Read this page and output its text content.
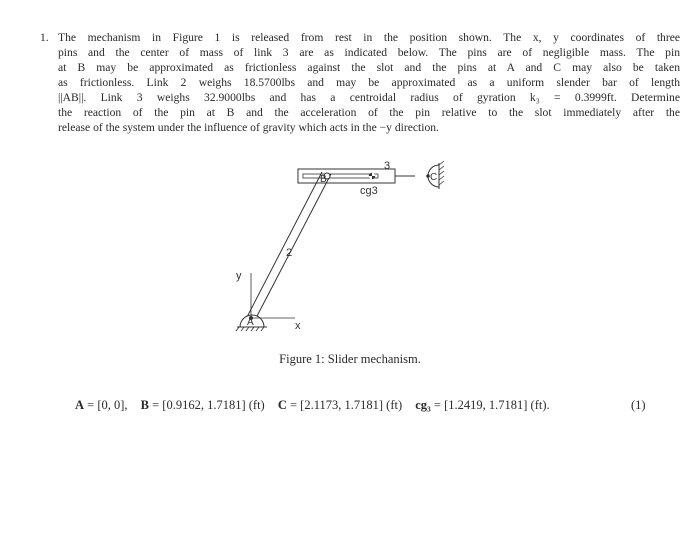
1. The mechanism in Figure 1 is released from rest in the position shown. The x, y coordinates of three
pins and the center of mass of link 3 are as indicated below. The pins are of negligible mass. The pin
at B may be approximated as frictionless against the slot and the pins at A and C may also be taken
as frictionless. Link 2 weighs 18.5700lbs and may be approximated as a uniform slender bar of length
||AB||. Link 3 weighs 32.9000lbs and has a centroidal radius of gyration k₃ = 0.3999ft. Determine
the reaction of the pin at B and the acceleration of the pin relative to the slot immediately after the
release of the system under the influence of gravity which acts in the −y direction.
B
3
C
cg3
2
y
x
A
Figure 1: Slider mechanism.
A = [0, 0], B = [0.9162, 1.7181] (ft) C = [2.1173, 1.7181] (ft) cg₃ = [1.2419, 1.7181] (ft).	(1)
